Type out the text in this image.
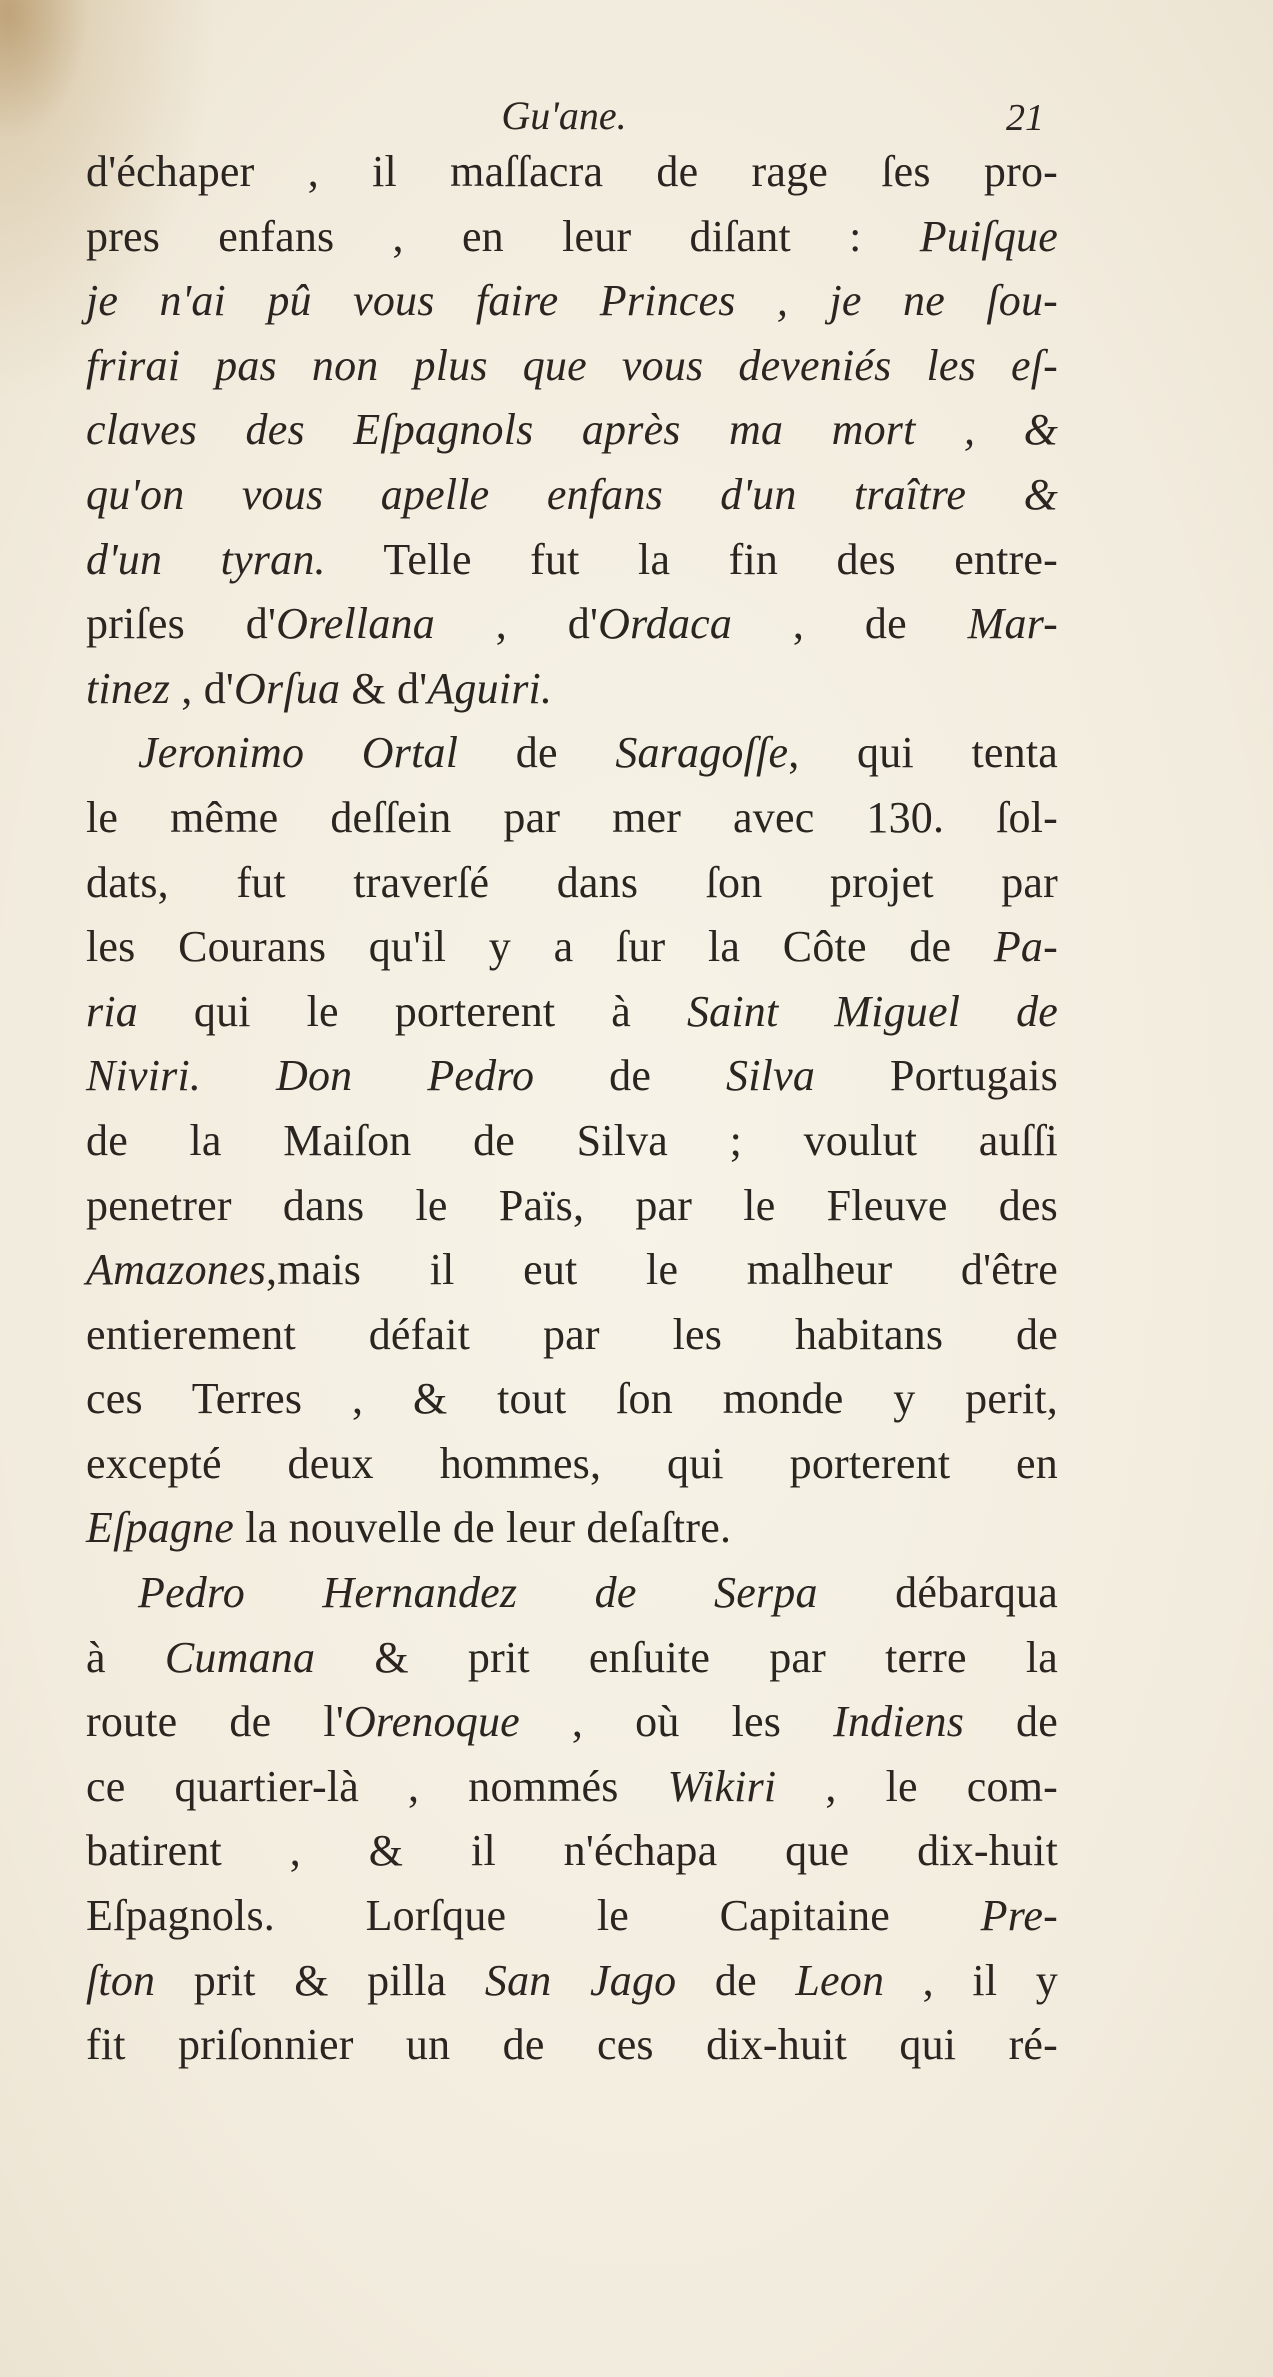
Gu'ane.	21
d'échaper , il maſſacra de rage ſes pro-
pres enfans , en leur diſant : Puiſque
je n'ai pû vous faire Princes , je ne ſou-
frirai pas non plus que vous deveniés les eſ-
claves des Eſpagnols après ma mort , &
qu'on vous apelle enfans d'un traître &
d'un tyran. Telle fut la fin des entre-
priſes d'Orellana , d'Ordaca , de Mar-
tinez , d'Orſua & d'Aguiri.
Jeronimo Ortal de Saragoſſe, qui tenta
le même deſſein par mer avec 130. ſol-
dats, fut traverſé dans ſon projet par
les Courans qu'il y a ſur la Côte de Pa-
ria qui le porterent à Saint Miguel de
Niviri. Don Pedro de Silva Portugais
de la Maiſon de Silva ; voulut auſſi
penetrer dans le Païs, par le Fleuve des
Amazones,mais il eut le malheur d'être
entierement défait par les habitans de
ces Terres , & tout ſon monde y perit,
excepté deux hommes, qui porterent en
Eſpagne la nouvelle de leur deſaſtre.
Pedro Hernandez de Serpa débarqua
à Cumana & prit enſuite par terre la
route de l'Orenoque , où les Indiens de
ce quartier-là , nommés Wikiri , le com-
batirent , & il n'échapa que dix-huit
Eſpagnols. Lorſque le Capitaine Pre-
ſton prit & pilla San Jago de Leon , il y
fit priſonnier un de ces dix-huit qui ré-
